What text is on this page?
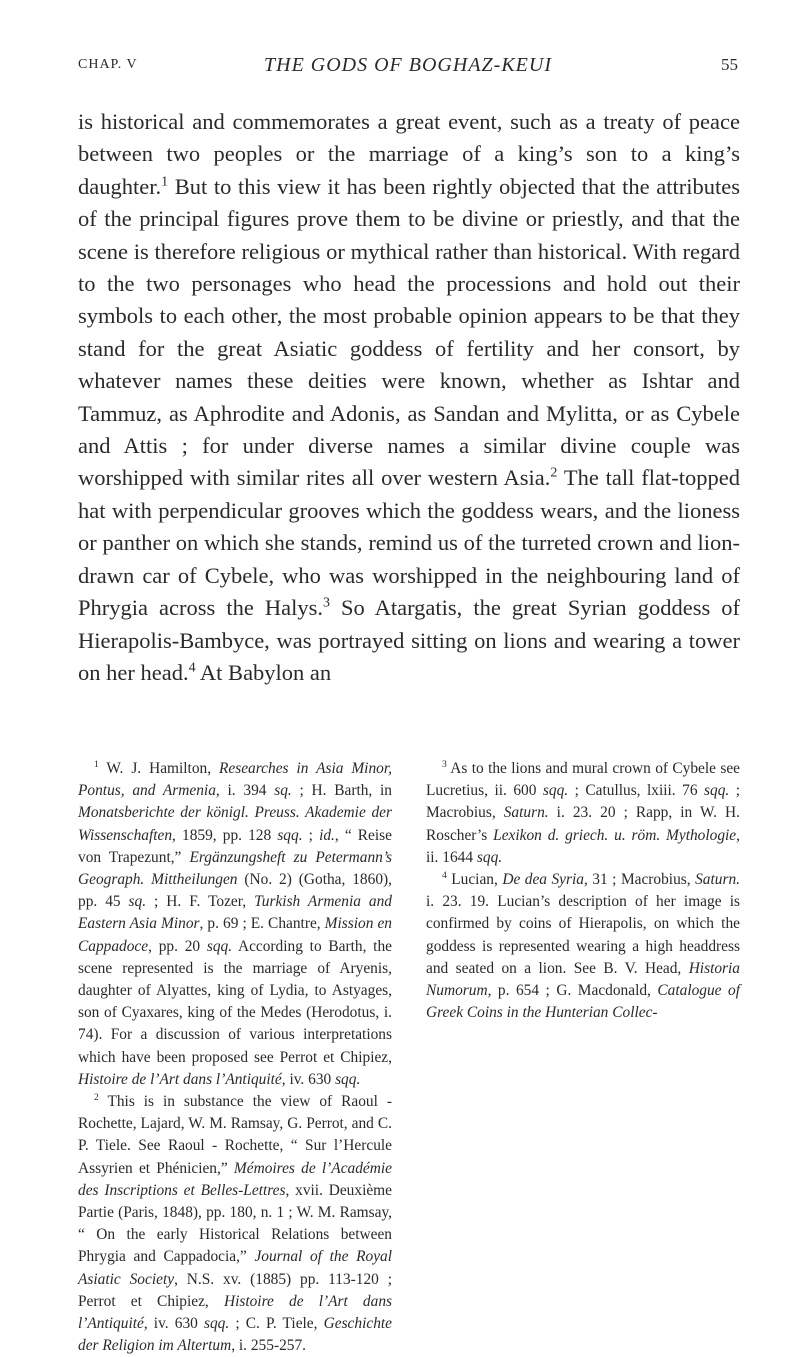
CHAP. V	THE GODS OF BOGHAZ-KEUI	55

is historical and commemorates a great event, such as a treaty of peace between two peoples or the marriage of a king’s son to a king’s daughter.$^1$ But to this view it has been rightly objected that the attributes of the principal figures prove them to be divine or priestly, and that the scene is therefore religious or mythical rather than historical. With regard to the two personages who head the processions and hold out their symbols to each other, the most probable opinion appears to be that they stand for the great Asiatic goddess of fertility and her consort, by whatever names these deities were known, whether as Ishtar and Tammuz, as Aphrodite and Adonis, as Sandan and Mylitta, or as Cybele and Attis ; for under diverse names a similar divine couple was worshipped with similar rites all over western Asia.$^2$ The tall flat-topped hat with perpendicular grooves which the goddess wears, and the lioness or panther on which she stands, remind us of the turreted crown and lion-drawn car of Cybele, who was worshipped in the neighbouring land of Phrygia across the Halys.$^3$ So Atargatis, the great Syrian goddess of Hierapolis-Bambyce, was portrayed sitting on lions and wearing a tower on her head.$^4$ At Babylon an

$^1$ W. J. Hamilton, Researches in Asia Minor, Pontus, and Armenia, i. 394 sq. ; H. Barth, in Monatsberichte der königl. Preuss. Akademie der Wissenschaften, 1859, pp. 128 sqq. ; id., “ Reise von Trapezunt,” Ergänzungsheft zu Petermann’s Geograph. Mittheilungen (No. 2) (Gotha, 1860), pp. 45 sq. ; H. F. Tozer, Turkish Armenia and Eastern Asia Minor, p. 69 ; E. Chantre, Mission en Cappadoce, pp. 20 sqq. According to Barth, the scene represented is the marriage of Aryenis, daughter of Alyattes, king of Lydia, to Astyages, son of Cyaxares, king of the Medes (Herodotus, i. 74). For a discussion of various interpretations which have been proposed see Perrot et Chipiez, Histoire de l’Art dans l’Antiquité, iv. 630 sqq.

$^2$ This is in substance the view of Raoul - Rochette, Lajard, W. M. Ramsay, G. Perrot, and C. P. Tiele. See Raoul - Rochette, “ Sur l’Hercule Assyrien et Phénicien,” Mémoires de l’Académie des Inscriptions et Belles-Lettres, xvii. Deuxième Partie (Paris, 1848), pp. 180, n. 1 ; W. M. Ramsay, “ On the early Historical Relations between Phrygia and Cappadocia,” Journal of the Royal Asiatic Society, N.S. xv. (1885) pp. 113-120 ; Perrot et Chipiez, Histoire de l’Art dans l’Antiquité, iv. 630 sqq. ; C. P. Tiele, Geschichte der Religion im Altertum, i. 255-257.

$^3$ As to the lions and mural crown of Cybele see Lucretius, ii. 600 sqq. ; Catullus, lxiii. 76 sqq. ; Macrobius, Saturn. i. 23. 20 ; Rapp, in W. H. Roscher’s Lexikon d. griech. u. röm. Mythologie, ii. 1644 sqq.

$^4$ Lucian, De dea Syria, 31 ; Macrobius, Saturn. i. 23. 19. Lucian’s description of her image is confirmed by coins of Hierapolis, on which the goddess is represented wearing a high headdress and seated on a lion. See B. V. Head, Historia Numorum, p. 654 ; G. Macdonald, Catalogue of Greek Coins in the Hunterian Collec-
